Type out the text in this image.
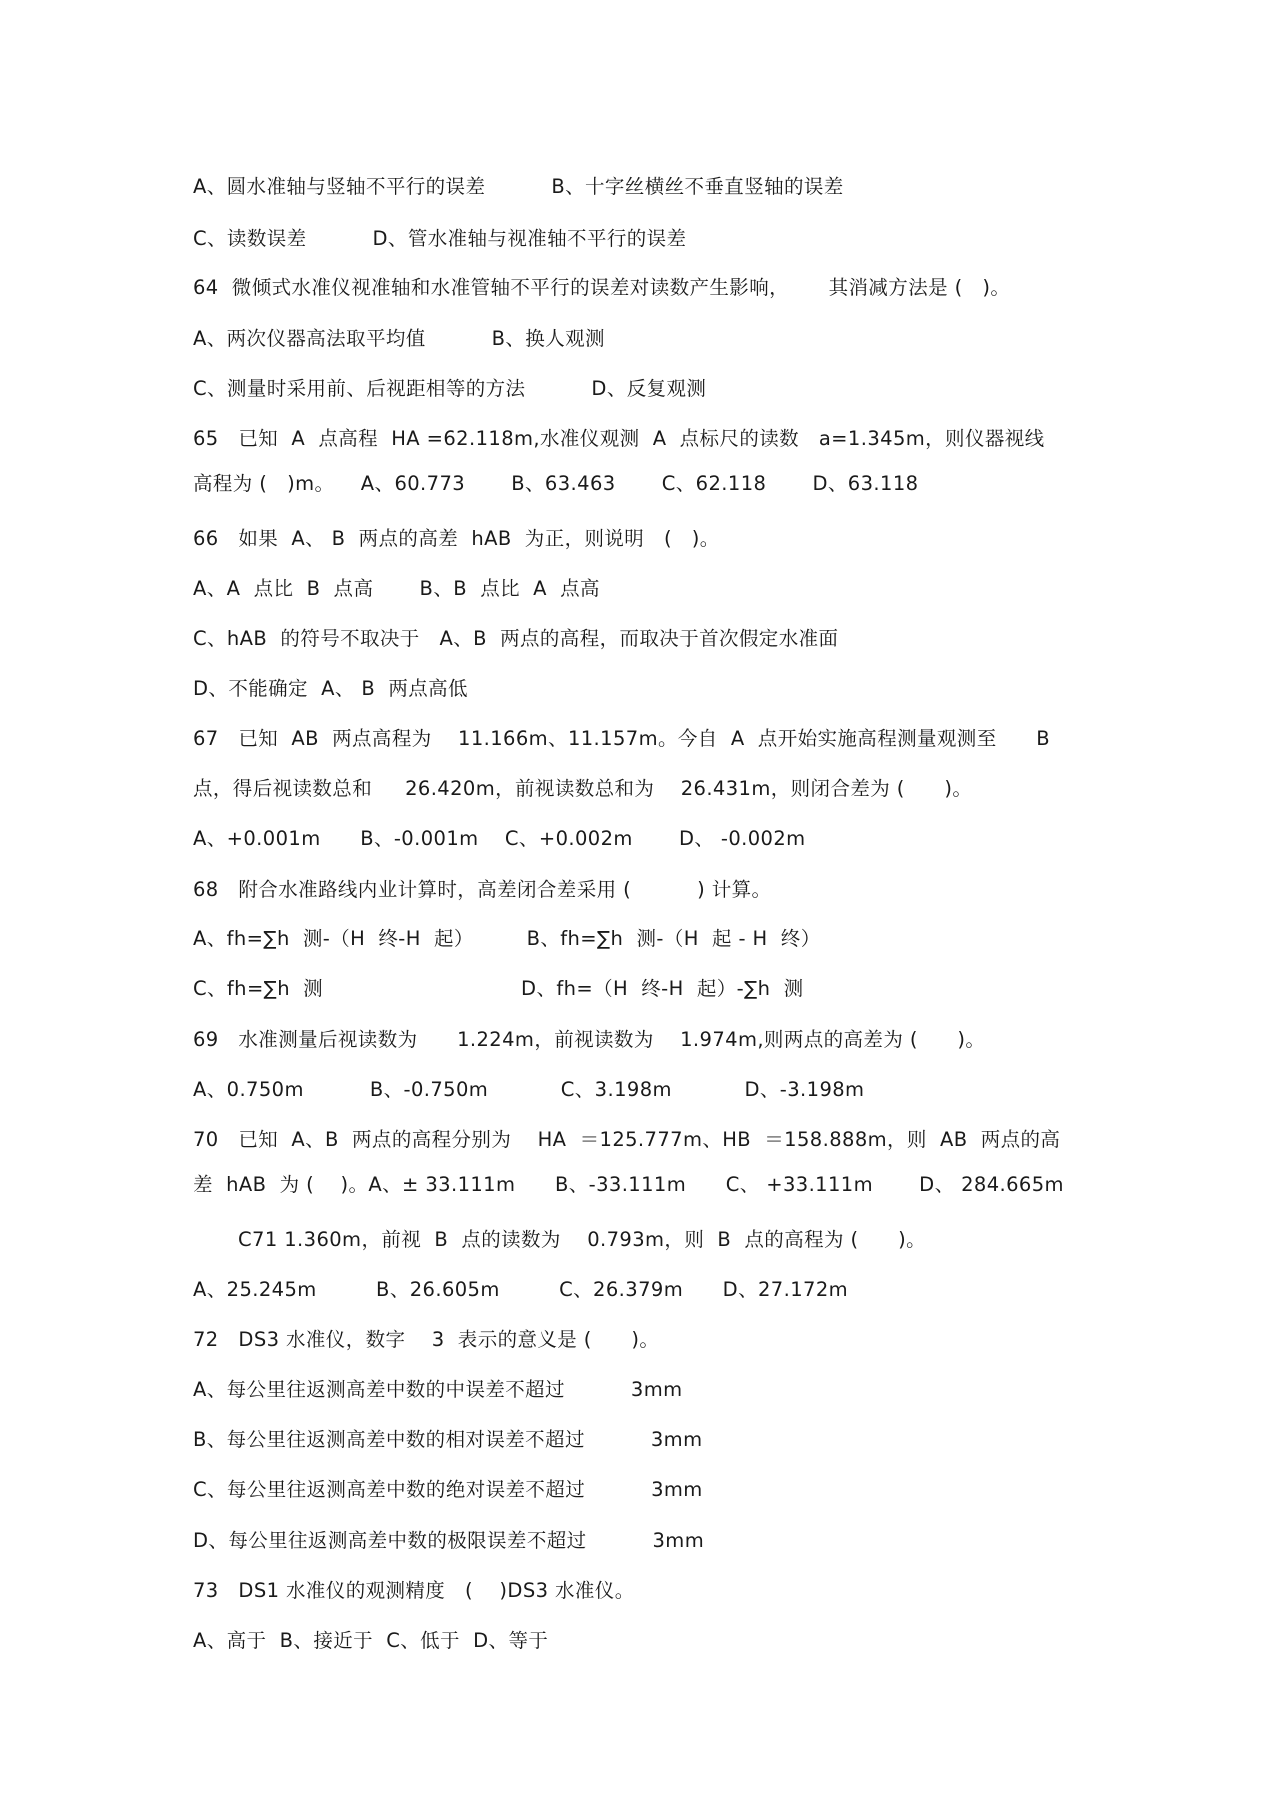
A、圆水准轴与竖轴不平行的误差          B、十字丝横丝不垂直竖轴的误差
C、读数误差          D、管水准轴与视准轴不平行的误差
64  微倾式水准仪视准轴和水准管轴不平行的误差对读数产生影响，      其消减方法是 (   )。
A、两次仪器高法取平均值          B、换人观测
C、测量时采用前、后视距相等的方法          D、反复观测
65   已知  A  点高程  HA =62.118m,水准仪观测  A  点标尺的读数   a=1.345m，则仪器视线
高程为 (   )m。    A、60.773       B、63.463       C、62.118       D、63.118
66   如果  A、 B  两点的高差  hAB  为正，则说明   (   )。
A、A  点比  B  点高       B、B  点比  A  点高
C、hAB  的符号不取决于   A、B  两点的高程，而取决于首次假定水准面
D、不能确定  A、 B  两点高低
67   已知  AB  两点高程为    11.166m、11.157m。今自  A  点开始实施高程测量观测至      B
点，得后视读数总和     26.420m，前视读数总和为    26.431m，则闭合差为 (      )。
A、+0.001m      B、-0.001m    C、+0.002m       D、 -0.002m
68   附合水准路线内业计算时，高差闭合差采用 (          ) 计算。
A、fh=∑h  测-（H  终-H  起）        B、fh=∑h  测-（H  起 - H  终）
C、fh=∑h  测                              D、fh=（H  终-H  起）-∑h  测
69   水准测量后视读数为      1.224m，前视读数为    1.974m,则两点的高差为 (      )。
A、0.750m          B、-0.750m           C、3.198m           D、-3.198m
70   已知  A、B  两点的高程分别为    HA  ＝125.777m、HB  ＝158.888m，则  AB  两点的高
差  hAB  为 (    )。A、± 33.111m      B、-33.111m      C、 +33.111m       D、 284.665m
C71 1.360m，前视  B  点的读数为    0.793m，则  B  点的高程为 (      )。
A、25.245m         B、26.605m         C、26.379m      D、27.172m
72   DS3 水准仪，数字    3  表示的意义是 (      )。
A、每公里往返测高差中数的中误差不超过          3mm
B、每公里往返测高差中数的相对误差不超过          3mm
C、每公里往返测高差中数的绝对误差不超过          3mm
D、每公里往返测高差中数的极限误差不超过          3mm
73   DS1 水准仪的观测精度   (    )DS3 水准仪。
A、高于  B、接近于  C、低于  D、等于
